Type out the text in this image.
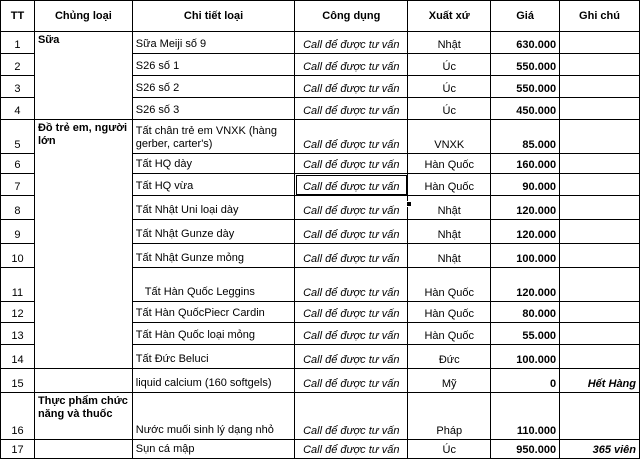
TT	Chủng loại	Chi tiết loại	Công dụng	Xuất xứ	Giá	Ghi chú
1	Sữa	Sữa Meiji số 9	Call để được tư vấn	Nhật	630.000	
2		S26 số 1	Call để được tư vấn	Úc	550.000	
3		S26 số 2	Call để được tư vấn	Úc	550.000	
4		S26 số 3	Call để được tư vấn	Úc	450.000	
5	Đồ trẻ em, người lớn	Tất chân trẻ em VNXK (hàng gerber, carter's)	Call để được tư vấn	VNXK	85.000	
6		Tất HQ dày	Call để được tư vấn	Hàn Quốc	160.000	
7		Tất HQ vừa	Call để được tư vấn	Hàn Quốc	90.000	
8		Tất Nhật Uni loại dày	Call để được tư vấn	Nhật	120.000	
9		Tất Nhật Gunze dày	Call để được tư vấn	Nhật	120.000	
10		Tất Nhật Gunze mỏng	Call để được tư vấn	Nhật	100.000	
11		Tất Hàn Quốc Leggins	Call để được tư vấn	Hàn Quốc	120.000	
12		Tất Hàn QuốcPiecr Cardin	Call để được tư vấn	Hàn Quốc	80.000	
13		Tất Hàn Quốc loại mỏng	Call để được tư vấn	Hàn Quốc	55.000	
14		Tất Đức Beluci	Call để được tư vấn	Đức	100.000	
15		liquid calcium (160 softgels)	Call để được tư vấn	Mỹ	0	Hết Hàng
16	Thực phẩm chức năng và thuốc	Nước muối sinh lý dạng nhỏ	Call để được tư vấn	Pháp	110.000	
17		Sụn cá mập	Call để được tư vấn	Úc	950.000	365 viên
